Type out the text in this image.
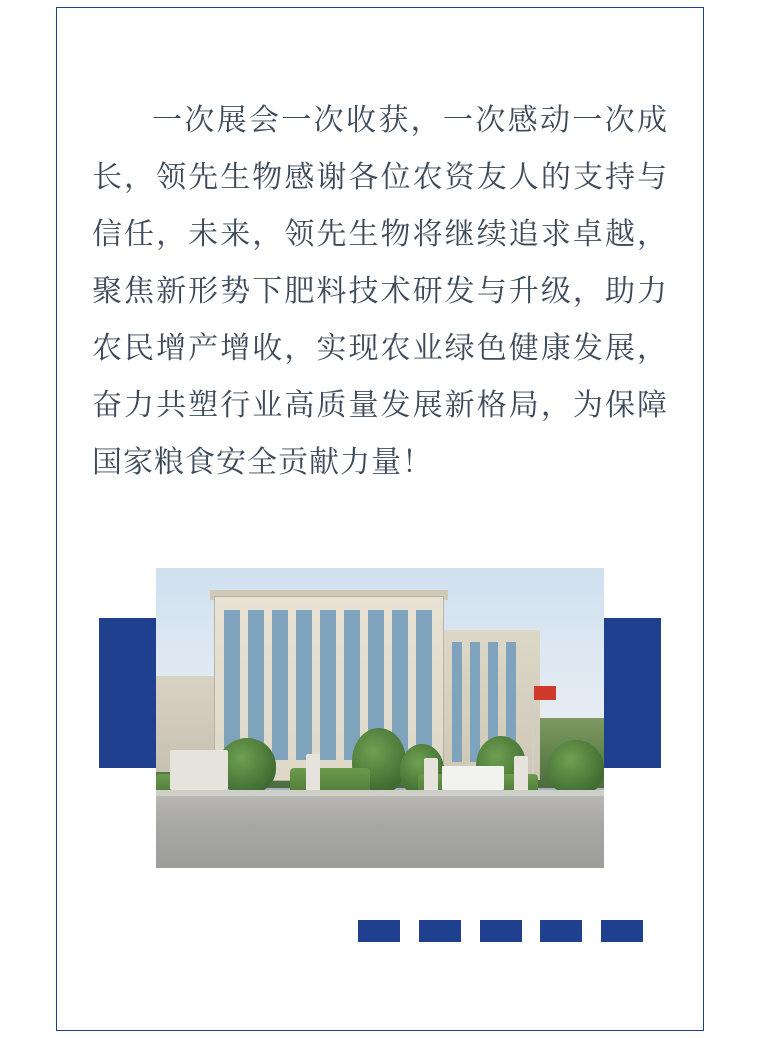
一次展会一次收获，一次感动一次成长，领先生物感谢各位农资友人的支持与信任，未来，领先生物将继续追求卓越，聚焦新形势下肥料技术研发与升级，助力农民增产增收，实现农业绿色健康发展，奋力共塑行业高质量发展新格局，为保障国家粮食安全贡献力量！
